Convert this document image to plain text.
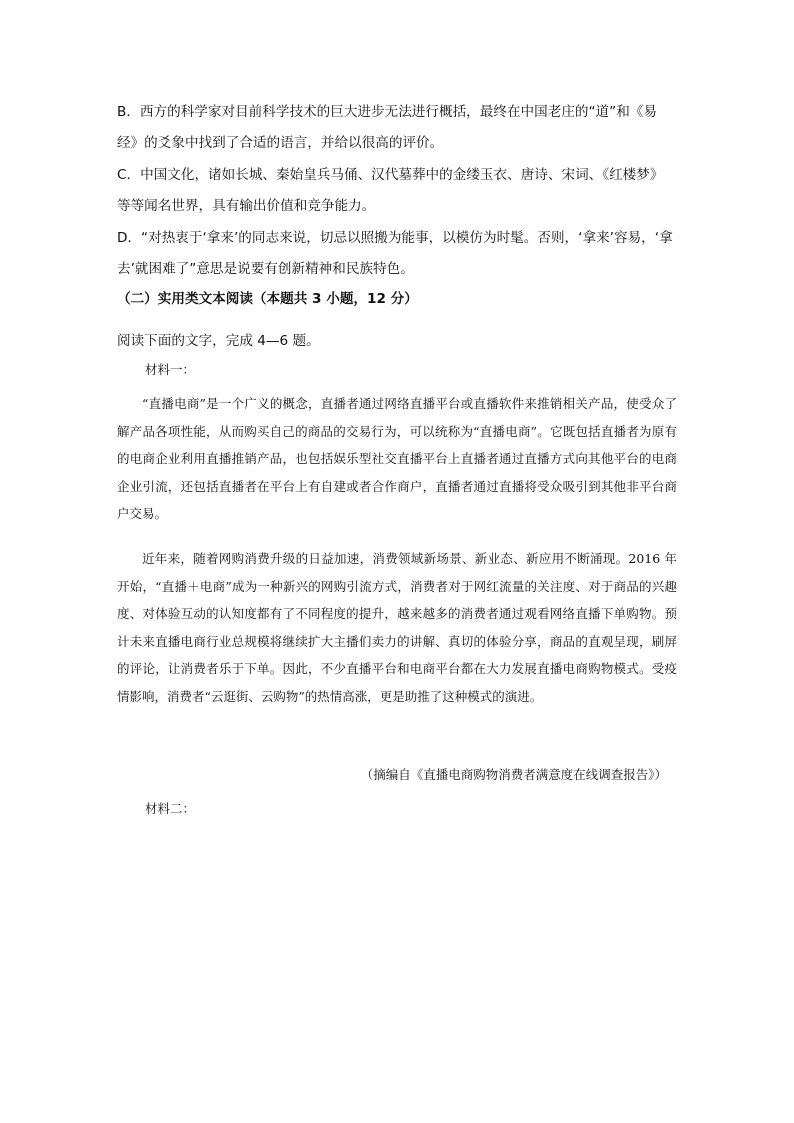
B．西方的科学家对目前科学技术的巨大进步无法进行概括，最终在中国老庄的“道”和《易经》的爻象中找到了合适的语言，并给以很高的评价。

C．中国文化，诸如长城、秦始皇兵马俑、汉代墓葬中的金缕玉衣、唐诗、宋词、《红楼梦》等等闻名世界，具有输出价值和竞争能力。

D．“对热衷于‘拿来’的同志来说，切忌以照搬为能事，以模仿为时髦。否则，‘拿来’容易，‘拿去’就困难了”意思是说要有创新精神和民族特色。

（二）实用类文本阅读（本题共 3 小题，12 分）

阅读下面的文字，完成 4—6 题。

材料一：

“直播电商”是一个广义的概念，直播者通过网络直播平台或直播软件来推销相关产品，使受众了解产品各项性能，从而购买自己的商品的交易行为，可以统称为“直播电商”。它既包括直播者为原有的电商企业利用直播推销产品，也包括娱乐型社交直播平台上直播者通过直播方式向其他平台的电商企业引流，还包括直播者在平台上有自建或者合作商户，直播者通过直播将受众吸引到其他非平台商户交易。

近年来，随着网购消费升级的日益加速，消费领域新场景、新业态、新应用不断涌现。2016 年开始，“直播＋电商”成为一种新兴的网购引流方式，消费者对于网红流量的关注度、对于商品的兴趣度、对体验互动的认知度都有了不同程度的提升，越来越多的消费者通过观看网络直播下单购物。预计未来直播电商行业总规模将继续扩大主播们卖力的讲解、真切的体验分享，商品的直观呈现，刷屏的评论，让消费者乐于下单。因此，不少直播平台和电商平台都在大力发展直播电商购物模式。受疫情影响，消费者“云逛街、云购物”的热情高涨，更是助推了这种模式的演进。

（摘编自《直播电商购物消费者满意度在线调查报告》）

材料二：
